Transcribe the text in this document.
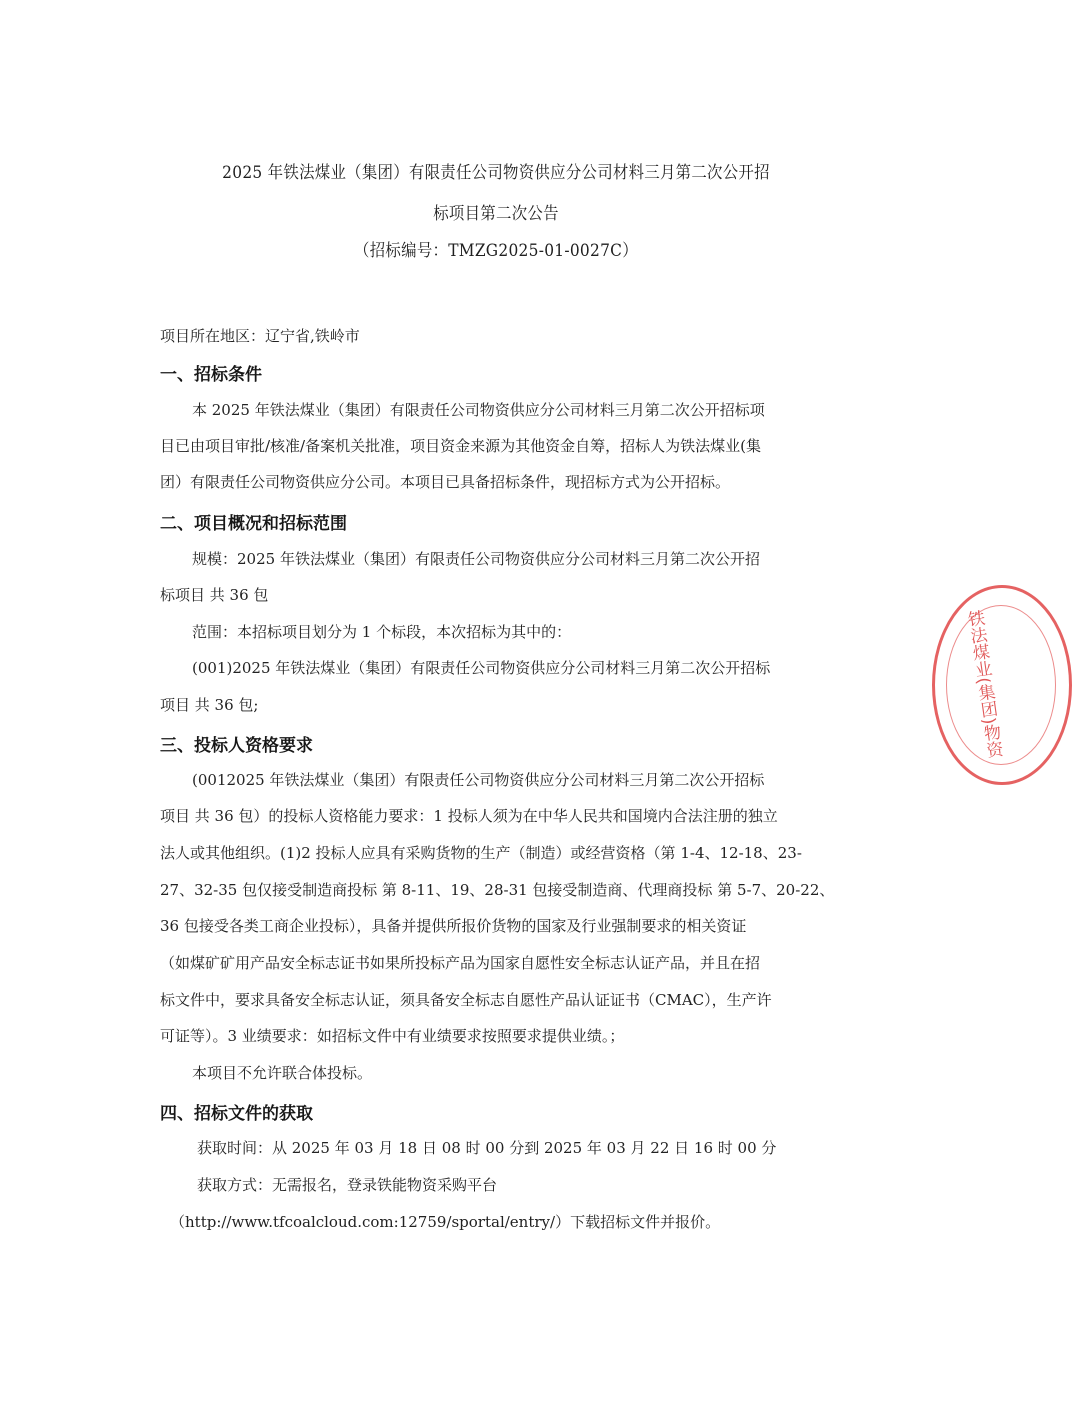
2025 年铁法煤业（集团）有限责任公司物资供应分公司材料三月第二次公开招
标项目第二次公告
（招标编号：TMZG2025-01-0027C）
项目所在地区：辽宁省,铁岭市
一、招标条件
本 2025 年铁法煤业（集团）有限责任公司物资供应分公司材料三月第二次公开招标项
目已由项目审批/核准/备案机关批准，项目资金来源为其他资金自筹，招标人为铁法煤业(集
团）有限责任公司物资供应分公司。本项目已具备招标条件，现招标方式为公开招标。
二、项目概况和招标范围
规模：2025 年铁法煤业（集团）有限责任公司物资供应分公司材料三月第二次公开招
标项目 共 36 包
范围：本招标项目划分为 1 个标段，本次招标为其中的：
(001)2025 年铁法煤业（集团）有限责任公司物资供应分公司材料三月第二次公开招标
项目 共 36 包;
三、投标人资格要求
(0012025 年铁法煤业（集团）有限责任公司物资供应分公司材料三月第二次公开招标
项目 共 36 包）的投标人资格能力要求：1 投标人须为在中华人民共和国境内合法注册的独立
法人或其他组织。(1)2 投标人应具有采购货物的生产（制造）或经营资格（第 1-4、12-18、23-
27、32-35 包仅接受制造商投标 第 8-11、19、28-31 包接受制造商、代理商投标 第 5-7、20-22、
36 包接受各类工商企业投标），具备并提供所报价货物的国家及行业强制要求的相关资证
（如煤矿矿用产品安全标志证书如果所投标产品为国家自愿性安全标志认证产品，并且在招
标文件中，要求具备安全标志认证，须具备安全标志自愿性产品认证证书（CMAC），生产许
可证等）。3 业绩要求：如招标文件中有业绩要求按照要求提供业绩。；
本项目不允许联合体投标。
四、招标文件的获取
获取时间：从 2025 年 03 月 18 日 08 时 00 分到 2025 年 03 月 22 日 16 时 00 分
获取方式：无需报名，登录铁能物资采购平台
（http://www.tfcoalcloud.com:12759/sportal/entry/）下载招标文件并报价。
铁法煤业(集团)物资
